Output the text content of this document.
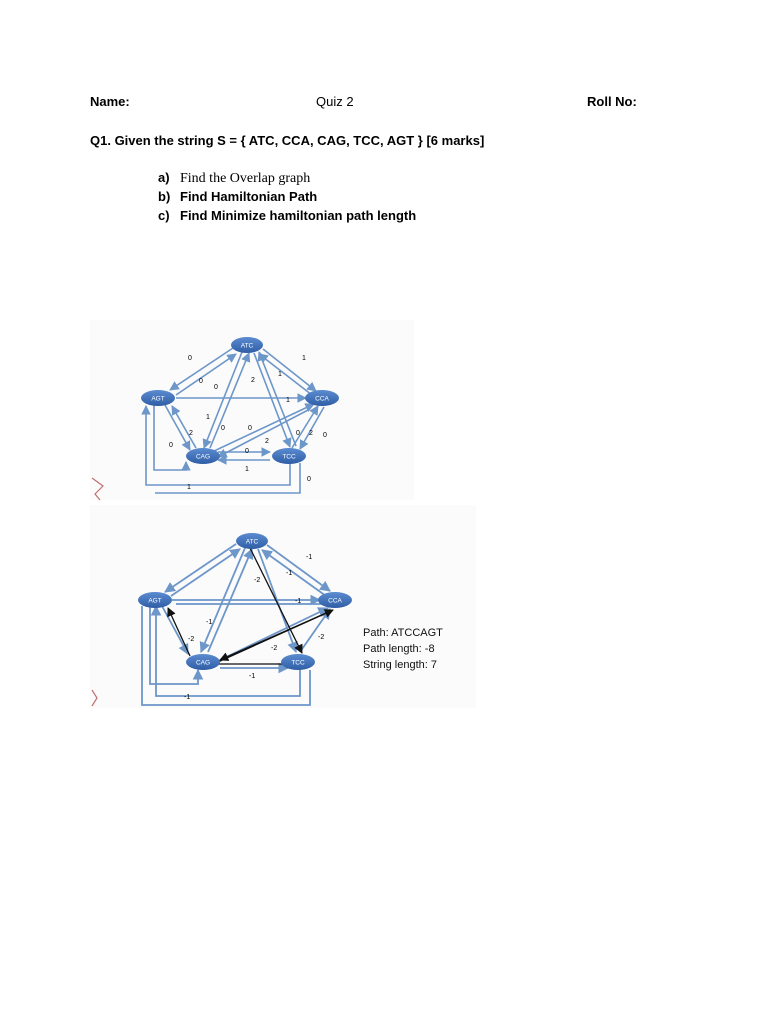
Name:	Quiz 2	Roll No:
Q1. Given the string S = { ATC, CCA, CAG, TCC, AGT } [6 marks]
a) Find the Overlap graph
b) Find Hamiltonian Path
c) Find Minimize hamiltonian path length
0	1
0
0
2
1
1
1
0	0
0 2 0
2
0
2
0
1
1
0
ATC
CCA
AGT
CAG	TCC
-1
-1
-2
-1
-1
-2
-2
-2
-1
-1
ATC
CCA
AGT
CAG	TCC
Path: ATCCAGT
Path length: -8
String length: 7
